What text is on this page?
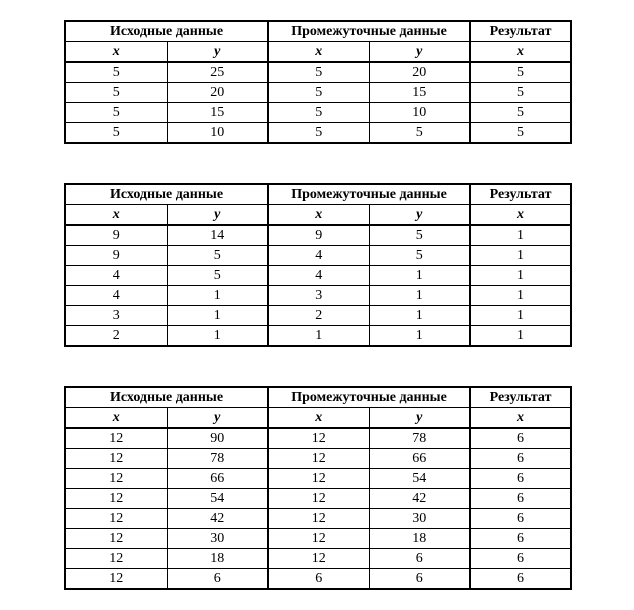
Исходные данные		Промежуточные данные		Результат
x	y	x	y	x
5	25	5	20	5
5	20	5	15	5
5	15	5	10	5
5	10	5	5	5
Исходные данные		Промежуточные данные		Результат
x	y	x	y	x
9	14	9	5	1
9	5	4	5	1
4	5	4	1	1
4	1	3	1	1
3	1	2	1	1
2	1	1	1	1
Исходные данные		Промежуточные данные		Результат
x	y	x	y	x
12	90	12	78	6
12	78	12	66	6
12	66	12	54	6
12	54	12	42	6
12	42	12	30	6
12	30	12	18	6
12	18	12	6	6
12	6	6	6	6
